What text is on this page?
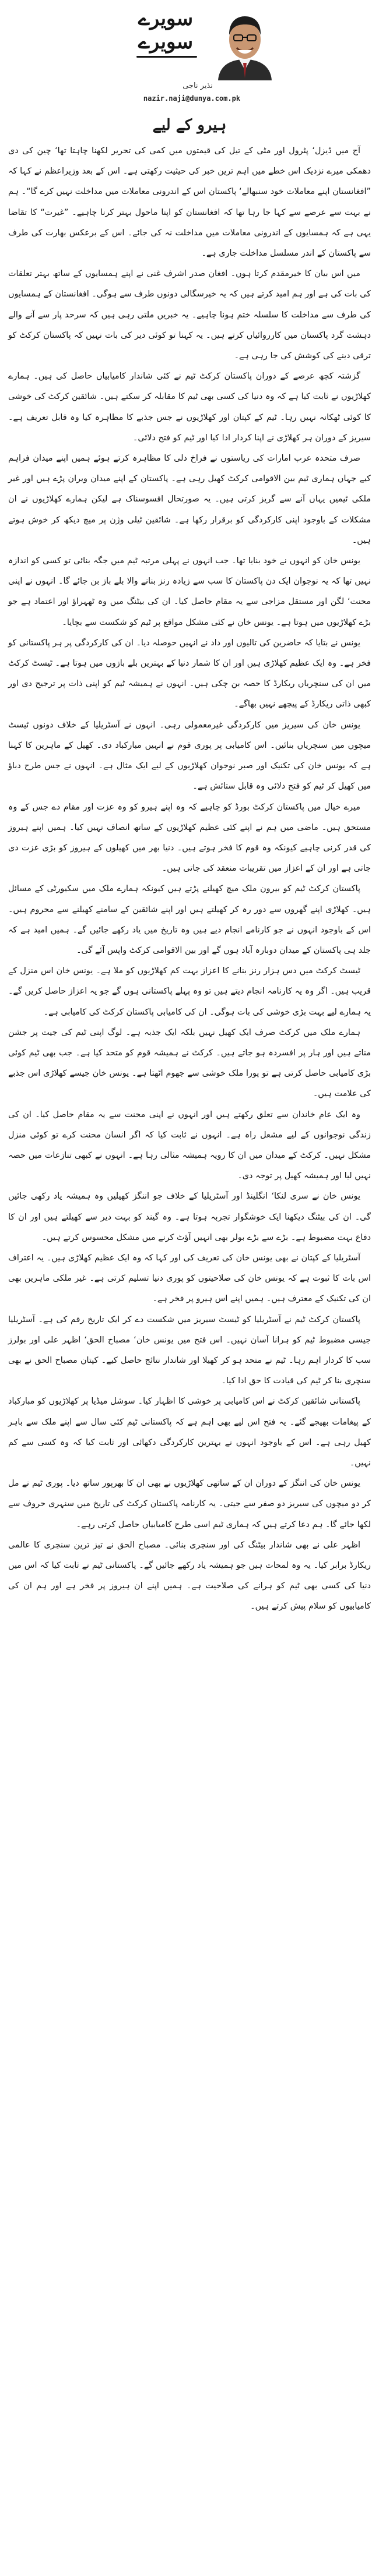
سویرے
سویرے
نذیر ناجی
nazir.naji@dunya.com.pk
ہیرو کے لیے

آج میں ڈیزل‘ پٹرول اور مٹی کے تیل کی قیمتوں میں کمی کی تحریر لکھنا چاہتا تھا‘ چین کی دی دھمکی میرے نزدیک اس خطے میں اہم ترین خبر کی حیثیت رکھتی ہے۔ اس کے بعد وزیراعظم نے کہا کہ ”افغانستان اپنے معاملات خود سنبھالے‘ پاکستان اس کے اندرونی معاملات میں مداخلت نہیں کرے گا“۔ ہم نے بہت سے عرصے سے کہا جا رہا تھا کہ افغانستان کو اپنا ماحول بہتر کرنا چاہیے۔ ”غیرت“ کا تقاضا یہی ہے کہ ہمسایوں کے اندرونی معاملات میں مداخلت نہ کی جائے۔ اس کے برعکس بھارت کی طرف سے پاکستان کے اندر مسلسل مداخلت جاری ہے۔

میں اس بیان کا خیرمقدم کرتا ہوں۔ افغان صدر اشرف غنی نے اپنے ہمسایوں کے ساتھ بہتر تعلقات کی بات کی ہے اور ہم امید کرتے ہیں کہ یہ خیرسگالی دونوں طرف سے ہوگی۔ افغانستان کے ہمسایوں کی طرف سے مداخلت کا سلسلہ ختم ہونا چاہیے۔ یہ خبریں ملتی رہی ہیں کہ سرحد پار سے آنے والے دہشت گرد پاکستان میں کارروائیاں کرتے ہیں۔ یہ کہنا تو کوئی دیر کی بات نہیں کہ پاکستان کرکٹ کو ترقی دینے کی کوشش کی جا رہی ہے۔

گزشتہ کچھ عرصے کے دوران پاکستان کرکٹ ٹیم نے کئی شاندار کامیابیاں حاصل کی ہیں۔ ہمارے کھلاڑیوں نے ثابت کیا ہے کہ وہ دنیا کی کسی بھی ٹیم کا مقابلہ کر سکتے ہیں۔ شائقین کرکٹ کی خوشی کا کوئی ٹھکانہ نہیں رہا۔ ٹیم کے کپتان اور کھلاڑیوں نے جس جذبے کا مظاہرہ کیا وہ قابل تعریف ہے۔ سیریز کے دوران ہر کھلاڑی نے اپنا کردار ادا کیا اور ٹیم کو فتح دلائی۔

صرف متحدہ عرب امارات کی ریاستوں نے فراخ دلی کا مظاہرہ کرتے ہوئے ہمیں اپنے میدان فراہم کیے جہاں ہماری ٹیم بین الاقوامی کرکٹ کھیل رہی ہے۔ پاکستان کے اپنے میدان ویران پڑے ہیں اور غیر ملکی ٹیمیں یہاں آنے سے گریز کرتی ہیں۔ یہ صورتحال افسوسناک ہے لیکن ہمارے کھلاڑیوں نے ان مشکلات کے باوجود اپنی کارکردگی کو برقرار رکھا ہے۔ شائقین ٹیلی وژن پر میچ دیکھ کر خوش ہوتے ہیں۔

یونس خان کو انہوں نے خود بنایا تھا۔ جب انہوں نے پہلی مرتبہ ٹیم میں جگہ بنائی تو کسی کو اندازہ نہیں تھا کہ یہ نوجوان ایک دن پاکستان کا سب سے زیادہ رنز بنانے والا بلے باز بن جائے گا۔ انہوں نے اپنی محنت‘ لگن اور مستقل مزاجی سے یہ مقام حاصل کیا۔ ان کی بیٹنگ میں وہ ٹھہراؤ اور اعتماد ہے جو بڑے کھلاڑیوں میں ہوتا ہے۔ یونس خان نے کئی مشکل مواقع پر ٹیم کو شکست سے بچایا۔

یونس نے بتایا کہ حاضرین کی تالیوں اور داد نے انہیں حوصلہ دیا۔ ان کی کارکردگی پر ہر پاکستانی کو فخر ہے۔ وہ ایک عظیم کھلاڑی ہیں اور ان کا شمار دنیا کے بہترین بلے بازوں میں ہوتا ہے۔ ٹیسٹ کرکٹ میں ان کی سنچریاں ریکارڈ کا حصہ بن چکی ہیں۔ انہوں نے ہمیشہ ٹیم کو اپنی ذات پر ترجیح دی اور کبھی ذاتی ریکارڈ کے پیچھے نہیں بھاگے۔

یونس خان کی سیریز میں کارکردگی غیرمعمولی رہی۔ انہوں نے آسٹریلیا کے خلاف دونوں ٹیسٹ میچوں میں سنچریاں بنائیں۔ اس کامیابی پر پوری قوم نے انہیں مبارکباد دی۔ کھیل کے ماہرین کا کہنا ہے کہ یونس خان کی تکنیک اور صبر نوجوان کھلاڑیوں کے لیے ایک مثال ہے۔ انہوں نے جس طرح دباؤ میں کھیل کر ٹیم کو فتح دلائی وہ قابل ستائش ہے۔

میرے خیال میں پاکستان کرکٹ بورڈ کو چاہیے کہ وہ اپنے ہیرو کو وہ عزت اور مقام دے جس کے وہ مستحق ہیں۔ ماضی میں ہم نے اپنے کئی عظیم کھلاڑیوں کے ساتھ انصاف نہیں کیا۔ ہمیں اپنے ہیروز کی قدر کرنی چاہیے کیونکہ وہ قوم کا فخر ہوتے ہیں۔ دنیا بھر میں کھیلوں کے ہیروز کو بڑی عزت دی جاتی ہے اور ان کے اعزاز میں تقریبات منعقد کی جاتی ہیں۔

پاکستان کرکٹ ٹیم کو بیرون ملک میچ کھیلنے پڑتے ہیں کیونکہ ہمارے ملک میں سکیورٹی کے مسائل ہیں۔ کھلاڑی اپنے گھروں سے دور رہ کر کھیلتے ہیں اور اپنے شائقین کے سامنے کھیلنے سے محروم ہیں۔ اس کے باوجود انہوں نے جو کارنامے انجام دیے ہیں وہ تاریخ میں یاد رکھے جائیں گے۔ ہمیں امید ہے کہ جلد ہی پاکستان کے میدان دوبارہ آباد ہوں گے اور بین الاقوامی کرکٹ واپس آئے گی۔

ٹیسٹ کرکٹ میں دس ہزار رنز بنانے کا اعزاز بہت کم کھلاڑیوں کو ملا ہے۔ یونس خان اس منزل کے قریب ہیں۔ اگر وہ یہ کارنامہ انجام دیتے ہیں تو وہ پہلے پاکستانی ہوں گے جو یہ اعزاز حاصل کریں گے۔ یہ ہمارے لیے بہت بڑی خوشی کی بات ہوگی۔ ان کی کامیابی پاکستان کرکٹ کی کامیابی ہے۔

ہمارے ملک میں کرکٹ صرف ایک کھیل نہیں بلکہ ایک جذبہ ہے۔ لوگ اپنی ٹیم کی جیت پر جشن مناتے ہیں اور ہار پر افسردہ ہو جاتے ہیں۔ کرکٹ نے ہمیشہ قوم کو متحد کیا ہے۔ جب بھی ٹیم کوئی بڑی کامیابی حاصل کرتی ہے تو پورا ملک خوشی سے جھوم اٹھتا ہے۔ یونس خان جیسے کھلاڑی اس جذبے کی علامت ہیں۔

وہ ایک عام خاندان سے تعلق رکھتے ہیں اور انہوں نے اپنی محنت سے یہ مقام حاصل کیا۔ ان کی زندگی نوجوانوں کے لیے مشعل راہ ہے۔ انہوں نے ثابت کیا کہ اگر انسان محنت کرے تو کوئی منزل مشکل نہیں۔ کرکٹ کے میدان میں ان کا رویہ ہمیشہ مثالی رہا ہے۔ انہوں نے کبھی تنازعات میں حصہ نہیں لیا اور ہمیشہ کھیل پر توجہ دی۔

یونس خان نے سری لنکا‘ انگلینڈ اور آسٹریلیا کے خلاف جو اننگز کھیلیں وہ ہمیشہ یاد رکھی جائیں گی۔ ان کی بیٹنگ دیکھنا ایک خوشگوار تجربہ ہوتا ہے۔ وہ گیند کو بہت دیر سے کھیلتے ہیں اور ان کا دفاع بہت مضبوط ہے۔ بڑے سے بڑے بولر بھی انہیں آؤٹ کرنے میں مشکل محسوس کرتے ہیں۔

آسٹریلیا کے کپتان نے بھی یونس خان کی تعریف کی اور کہا کہ وہ ایک عظیم کھلاڑی ہیں۔ یہ اعتراف اس بات کا ثبوت ہے کہ یونس خان کی صلاحیتوں کو پوری دنیا تسلیم کرتی ہے۔ غیر ملکی ماہرین بھی ان کی تکنیک کے معترف ہیں۔ ہمیں اپنے اس ہیرو پر فخر ہے۔

پاکستان کرکٹ ٹیم نے آسٹریلیا کو ٹیسٹ سیریز میں شکست دے کر ایک تاریخ رقم کی ہے۔ آسٹریلیا جیسی مضبوط ٹیم کو ہرانا آسان نہیں۔ اس فتح میں یونس خان‘ مصباح الحق‘ اظہر علی اور بولرز سب کا کردار اہم رہا۔ ٹیم نے متحد ہو کر کھیلا اور شاندار نتائج حاصل کیے۔ کپتان مصباح الحق نے بھی سنچری بنا کر ٹیم کی قیادت کا حق ادا کیا۔

پاکستانی شائقین کرکٹ نے اس کامیابی پر خوشی کا اظہار کیا۔ سوشل میڈیا پر کھلاڑیوں کو مبارکباد کے پیغامات بھیجے گئے۔ یہ فتح اس لیے بھی اہم ہے کہ پاکستانی ٹیم کئی سال سے اپنے ملک سے باہر کھیل رہی ہے۔ اس کے باوجود انہوں نے بہترین کارکردگی دکھائی اور ثابت کیا کہ وہ کسی سے کم نہیں۔

یونس خان کی اننگز کے دوران ان کے ساتھی کھلاڑیوں نے بھی ان کا بھرپور ساتھ دیا۔ پوری ٹیم نے مل کر دو میچوں کی سیریز دو صفر سے جیتی۔ یہ کارنامہ پاکستان کرکٹ کی تاریخ میں سنہری حروف سے لکھا جائے گا۔ ہم دعا کرتے ہیں کہ ہماری ٹیم اسی طرح کامیابیاں حاصل کرتی رہے۔

اظہر علی نے بھی شاندار بیٹنگ کی اور سنچری بنائی۔ مصباح الحق نے تیز ترین سنچری کا عالمی ریکارڈ برابر کیا۔ یہ وہ لمحات ہیں جو ہمیشہ یاد رکھے جائیں گے۔ پاکستانی ٹیم نے ثابت کیا کہ اس میں دنیا کی کسی بھی ٹیم کو ہرانے کی صلاحیت ہے۔ ہمیں اپنے ان ہیروز پر فخر ہے اور ہم ان کی کامیابیوں کو سلام پیش کرتے ہیں۔
